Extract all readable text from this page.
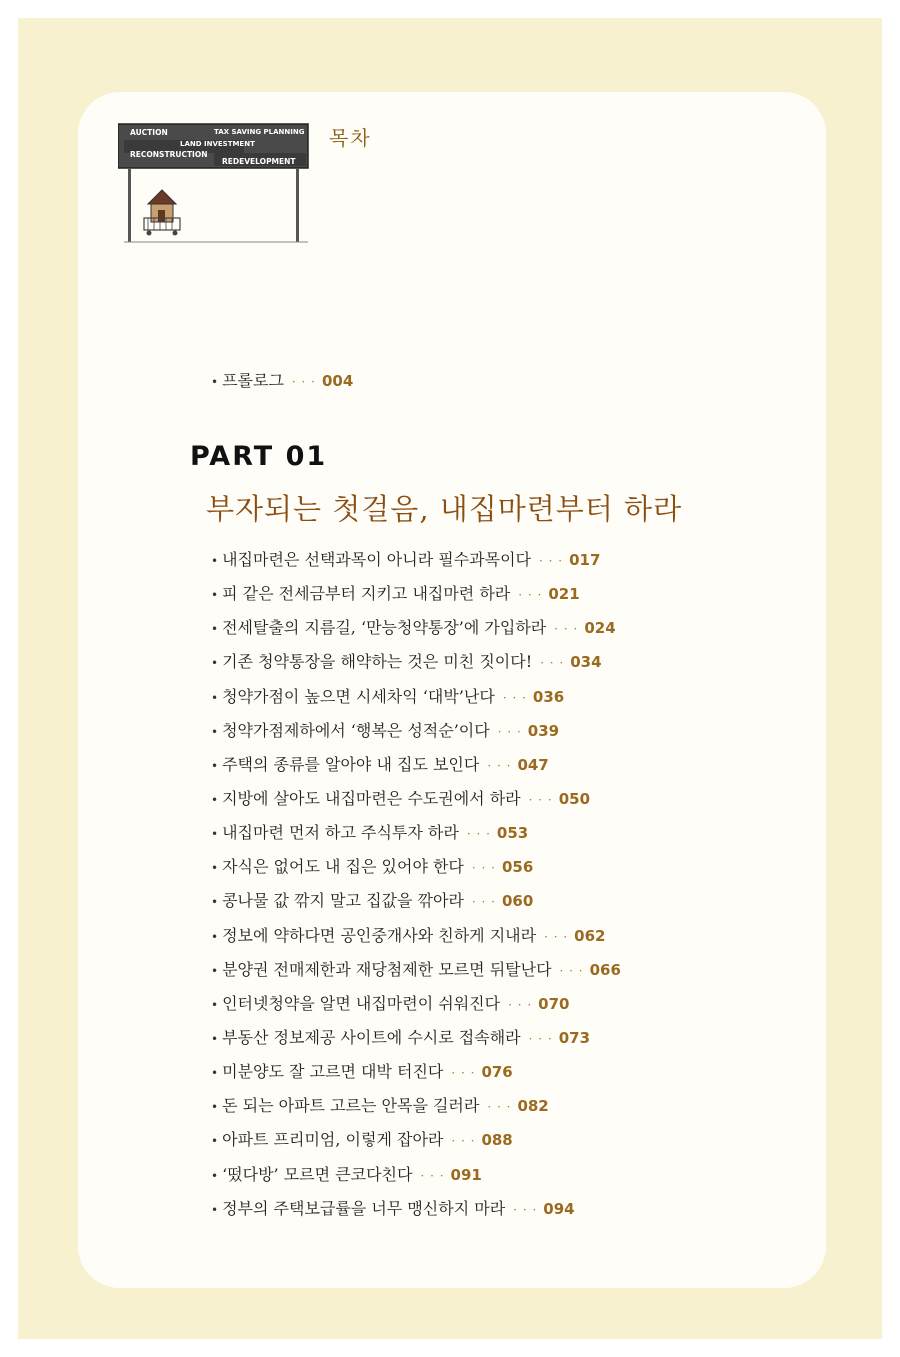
AUCTION	TAX SAVING PLANNING
LAND INVESTMENT
RECONSTRUCTION
REDEVELOPMENT
목차
• 프롤로그 · · · 004
PART 01
부자되는 첫걸음, 내집마련부터 하라
• 내집마련은 선택과목이 아니라 필수과목이다 · · · 017
• 피 같은 전세금부터 지키고 내집마련 하라 · · · 021
• 전세탈출의 지름길, ‘만능청약통장’에 가입하라 · · · 024
• 기존 청약통장을 해약하는 것은 미친 짓이다! · · · 034
• 청약가점이 높으면 시세차익 ‘대박’난다 · · · 036
• 청약가점제하에서 ‘행복은 성적순’이다 · · · 039
• 주택의 종류를 알아야 내 집도 보인다 · · · 047
• 지방에 살아도 내집마련은 수도권에서 하라 · · · 050
• 내집마련 먼저 하고 주식투자 하라 · · · 053
• 자식은 없어도 내 집은 있어야 한다 · · · 056
• 콩나물 값 깎지 말고 집값을 깎아라 · · · 060
• 정보에 약하다면 공인중개사와 친하게 지내라 · · · 062
• 분양권 전매제한과 재당첨제한 모르면 뒤탈난다 · · · 066
• 인터넷청약을 알면 내집마련이 쉬워진다 · · · 070
• 부동산 정보제공 사이트에 수시로 접속해라 · · · 073
• 미분양도 잘 고르면 대박 터진다 · · · 076
• 돈 되는 아파트 고르는 안목을 길러라 · · · 082
• 아파트 프리미엄, 이렇게 잡아라 · · · 088
• ‘떴다방’ 모르면 큰코다친다 · · · 091
• 정부의 주택보급률을 너무 맹신하지 마라 · · · 094
